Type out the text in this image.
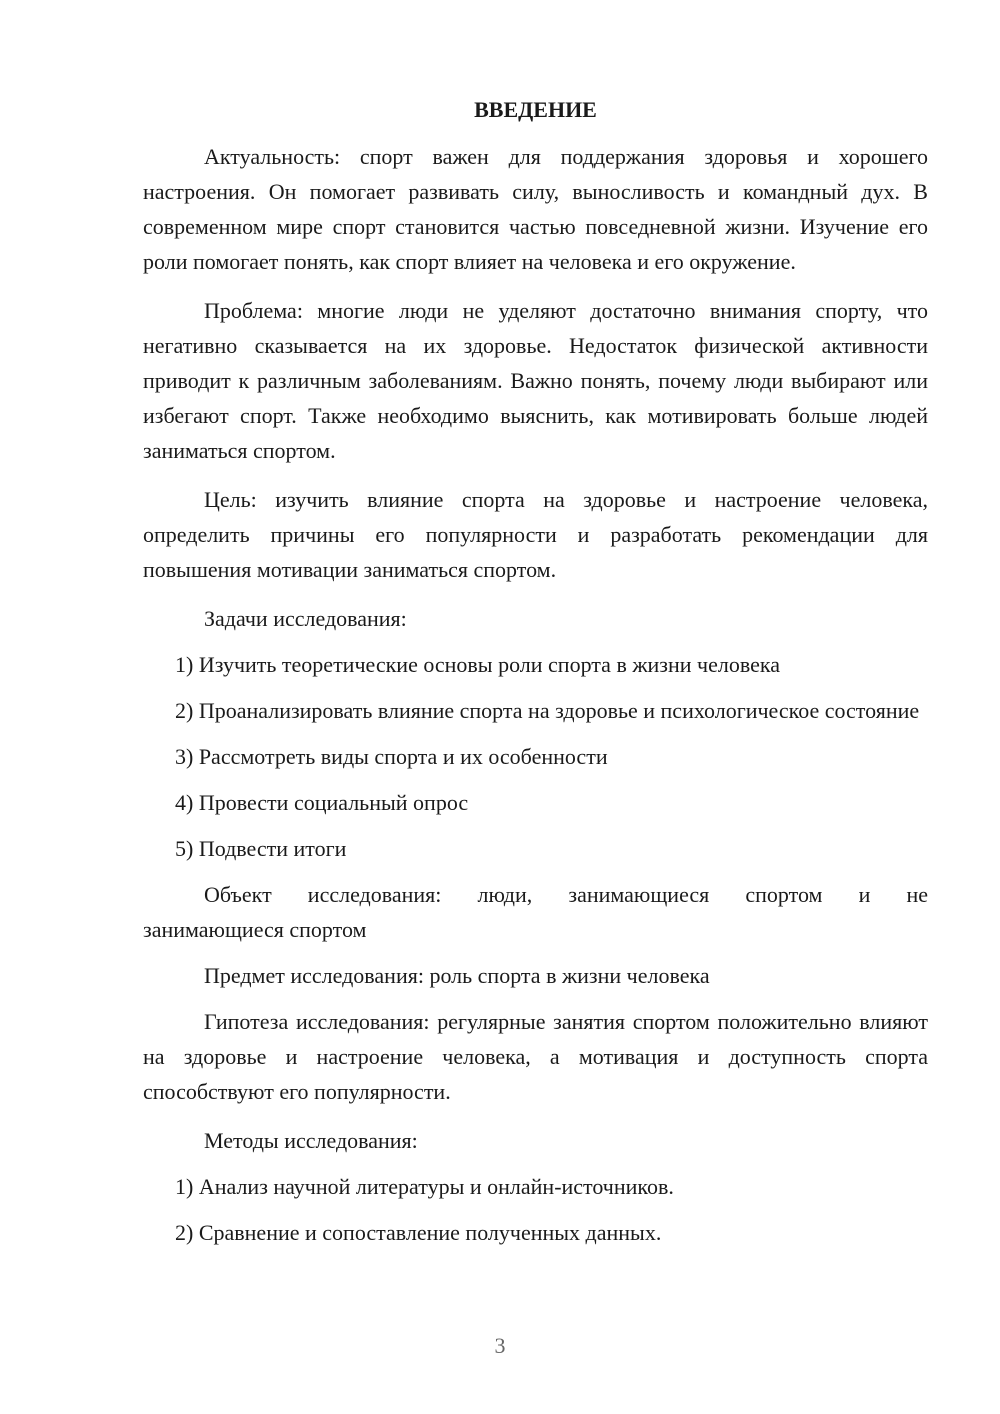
ВВЕДЕНИЕ

Актуальность: спорт важен для поддержания здоровья и хорошего настроения. Он помогает развивать силу, выносливость и командный дух. В современном мире спорт становится частью повседневной жизни. Изучение его роли помогает понять, как спорт влияет на человека и его окружение.

Проблема: многие люди не уделяют достаточно внимания спорту, что негативно сказывается на их здоровье. Недостаток физической активности приводит к различным заболеваниям. Важно понять, почему люди выбирают или избегают спорт. Также необходимо выяснить, как мотивировать больше людей заниматься спортом.

Цель: изучить влияние спорта на здоровье и настроение человека, определить причины его популярности и разработать рекомендации для повышения мотивации заниматься спортом.

Задачи исследования:

1) Изучить теоретические основы роли спорта в жизни человека

2) Проанализировать влияние спорта на здоровье и психологическое состояние

3) Рассмотреть виды спорта и их особенности

4) Провести социальный опрос

5) Подвести итоги

Объект исследования: люди, занимающиеся спортом и не
занимающиеся спортом

Предмет исследования: роль спорта в жизни человека

Гипотеза исследования: регулярные занятия спортом положительно влияют на здоровье и настроение человека, а мотивация и доступность спорта способствуют его популярности.

Методы исследования:

1) Анализ научной литературы и онлайн-источников.

2) Сравнение и сопоставление полученных данных.

3
